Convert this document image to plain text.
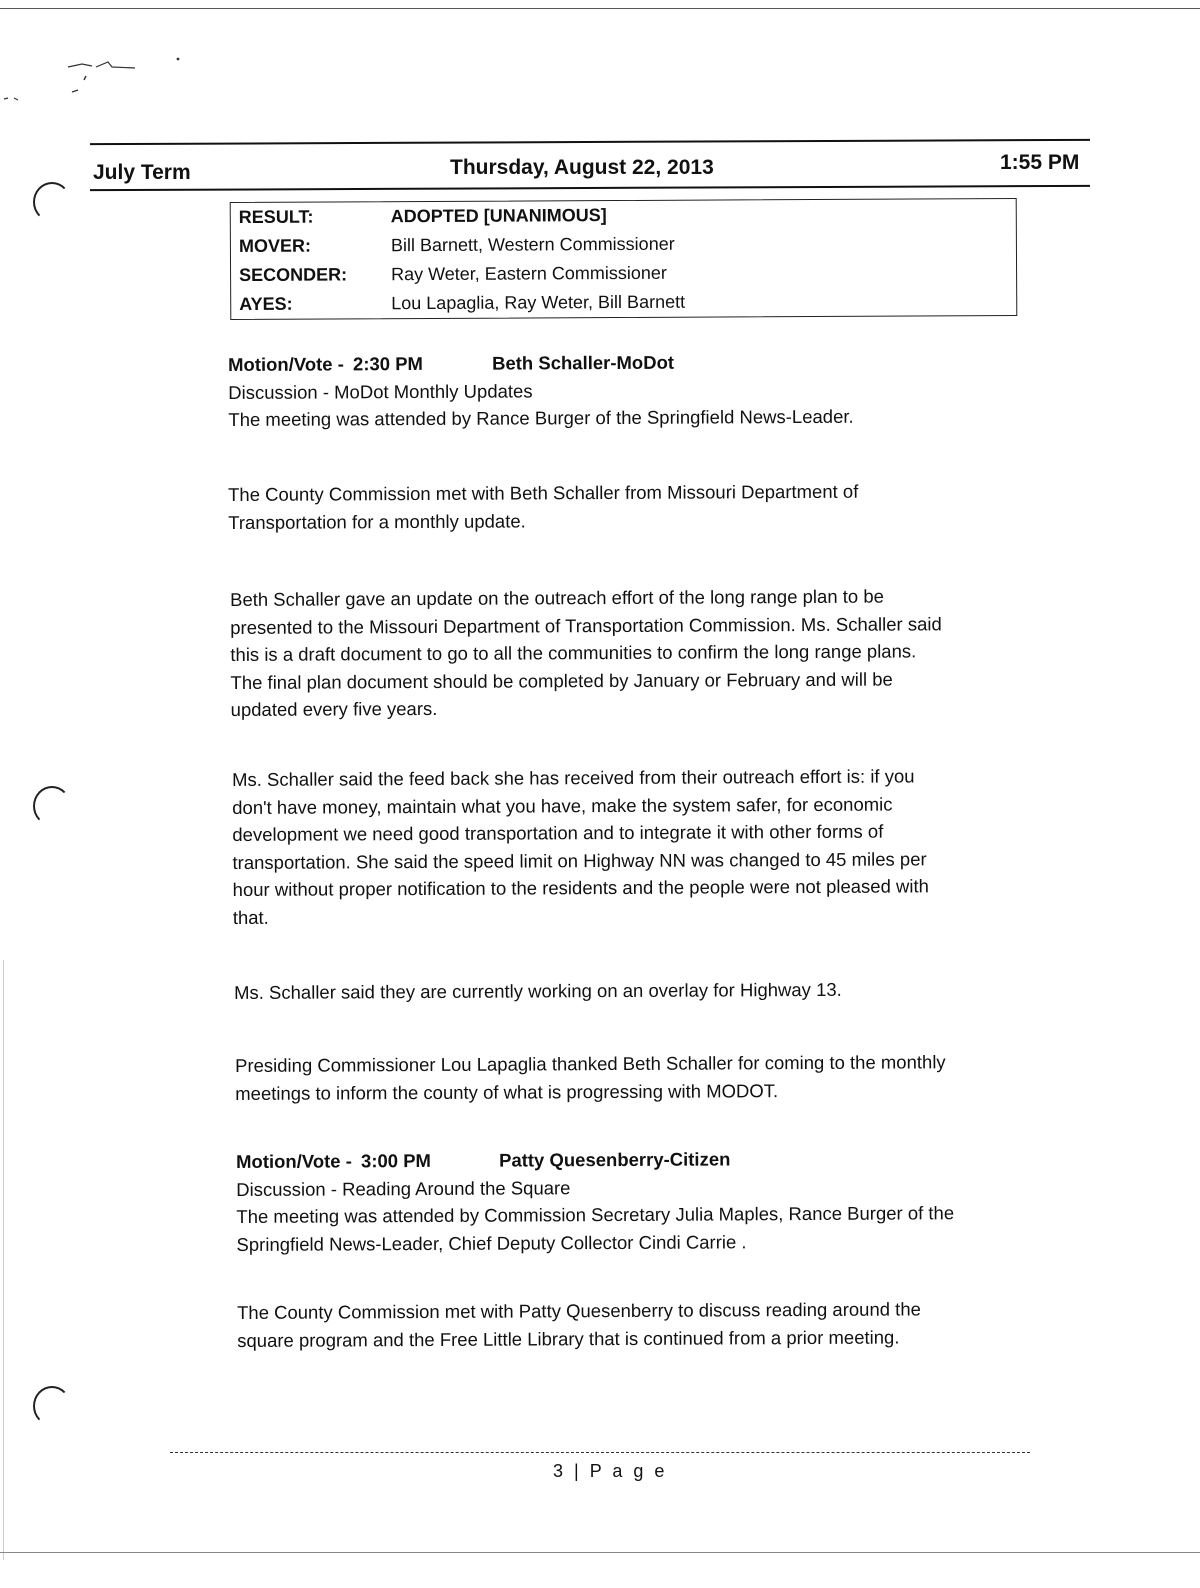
July Term	Thursday, August 22, 2013	1:55 PM
RESULT:	ADOPTED [UNANIMOUS]
MOVER:	Bill Barnett, Western Commissioner
SECONDER: Ray Weter, Eastern Commissioner
AYES:	Lou Lapaglia, Ray Weter, Bill Barnett

Motion/Vote - 2:30 PM	Beth Schaller-MoDot

Discussion - MoDot Monthly Updates

The meeting was attended by Rance Burger of the Springfield News-Leader.

The County Commission met with Beth Schaller from Missouri Department of

Transportation for a monthly update.

Beth Schaller gave an update on the outreach effort of the long range plan to be

presented to the Missouri Department of Transportation Commission. Ms. Schaller said

this is a draft document to go to all the communities to confirm the long range plans.

The final plan document should be completed by January or February and will be

updated every five years.

Ms. Schaller said the feed back she has received from their outreach effort is: if you

don't have money, maintain what you have, make the system safer, for economic

development we need good transportation and to integrate it with other forms of

transportation. She said the speed limit on Highway NN was changed to 45 miles per

hour without proper notification to the residents and the people were not pleased with

that.

Ms. Schaller said they are currently working on an overlay for Highway 13.

Presiding Commissioner Lou Lapaglia thanked Beth Schaller for coming to the monthly

meetings to inform the county of what is progressing with MODOT.

Motion/Vote - 3:00 PM	Patty Quesenberry-Citizen

Discussion - Reading Around the Square

The meeting was attended by Commission Secretary Julia Maples, Rance Burger of the

Springfield News-Leader, Chief Deputy Collector Cindi Carrie .

The County Commission met with Patty Quesenberry to discuss reading around the

square program and the Free Little Library that is continued from a prior meeting.

3 | P a g e
